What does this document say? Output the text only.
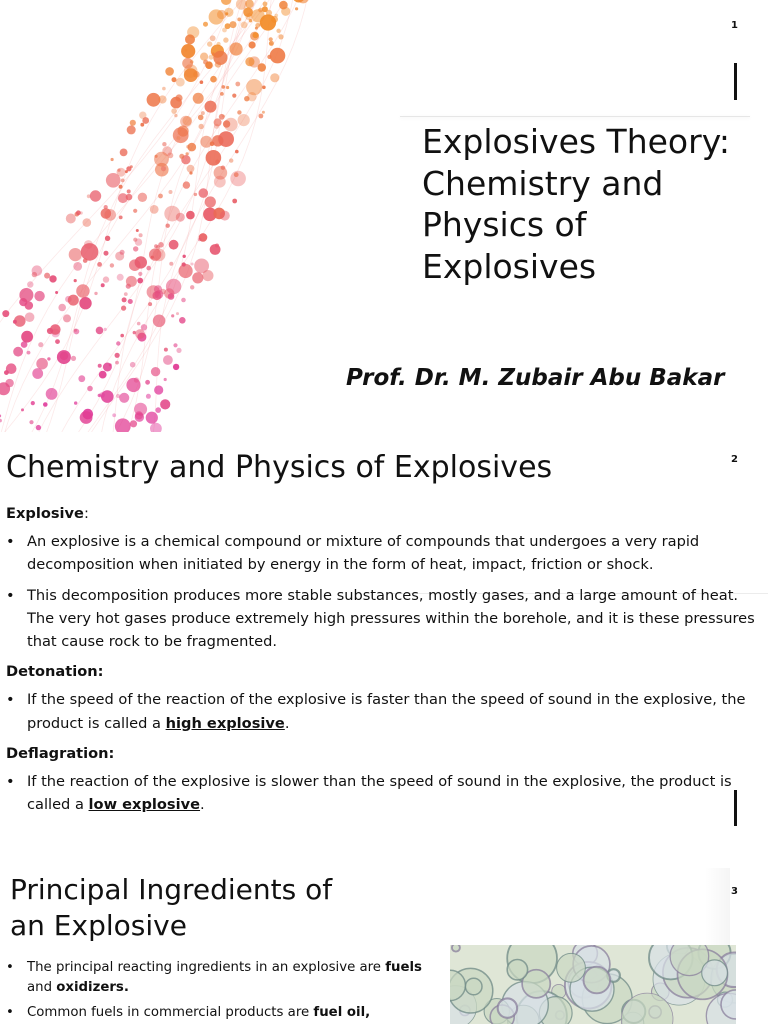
1
Explosives Theory: Chemistry and Physics of Explosives
Prof. Dr. M. Zubair Abu Bakar
2
Chemistry and Physics of Explosives

Explosive:

• An explosive is a chemical compound or mixture of compounds that undergoes a very rapid decomposition when initiated by energy in the form of heat, impact, friction or shock.
• This decomposition produces more stable substances, mostly gases, and a large amount of heat. The very hot gases produce extremely high pressures within the borehole, and it is these pressures that cause rock to be fragmented.

Detonation:

• If the speed of the reaction of the explosive is faster than the speed of sound in the explosive, the product is called a high explosive.

Deflagration:

• If the reaction of the explosive is slower than the speed of sound in the explosive, the product is called a low explosive.
3
Principal Ingredients of an Explosive
• The principal reacting ingredients in an explosive are fuels and oxidizers.
• Common fuels in commercial products are fuel oil,
